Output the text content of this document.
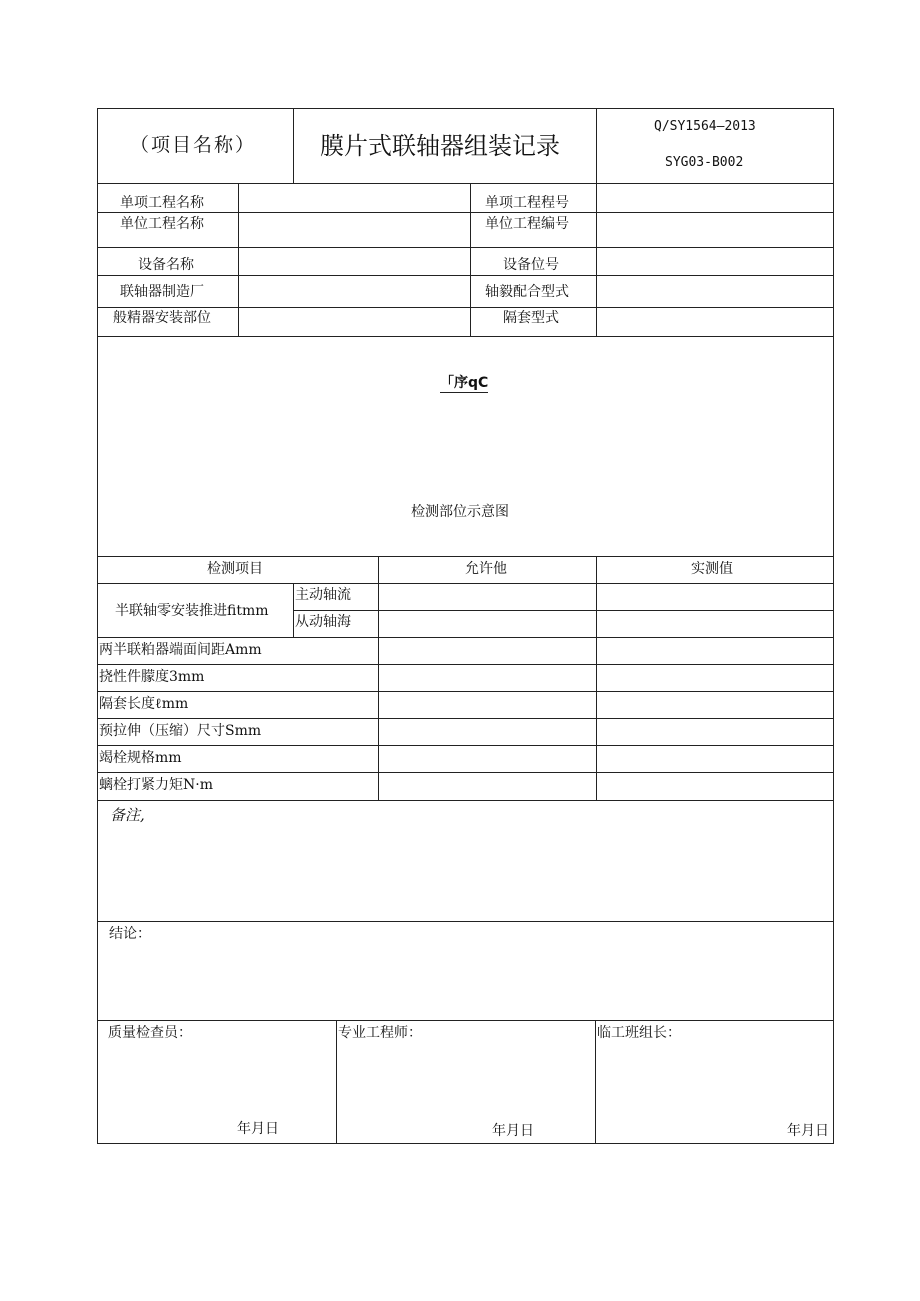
（项目名称）	膜片式联轴器组装记录
Q/SY1564—2013
SYG03-B002
单项工程名称	单项工程程号
单位工程名称	单位工程编号
设备名称	设备位号
联轴器制造厂	轴毅配合型式
般精器安装部位	隔套型式
「序qC
检测部位示意图
检测项目	允许他	实测值
半联轴零安装推进fitmm
主动轴流
从动轴海
两半联粕器端面间距Amm
挠性件朦度3mm
隔套长度ℓmm
预拉伸（压缩）尺寸Smm
竭栓规格mm
螭栓打紧力矩N·m
备注,
结论：
质量检查员：	专业工程师：	临工班组长：
年月日	年月日	年月日
